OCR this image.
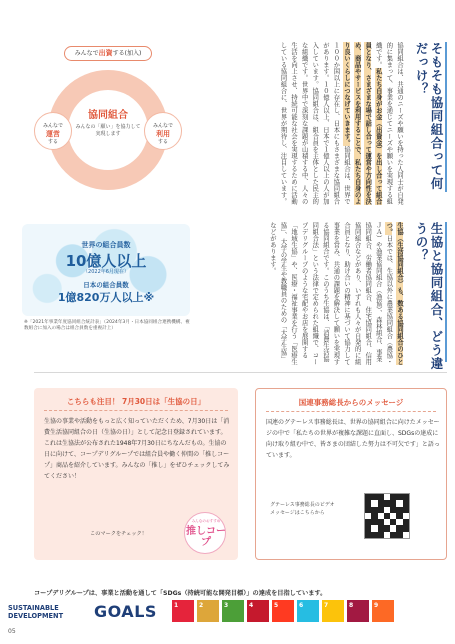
そもそも協同組合って何だっけ？
協同組合は、共通のニーズや願いを持った人同士が自発的に集まって、事業を通じてニーズや願いを実現する組織です。私たち自身がお金（出資金）を出し合って組合員となり、さまざまな場で話し合って運営や方向性を決め、商品やサービスを利用することで、私たち自身のより良いくらしにつなげていきます。協同組合は、世界で１００か国以上に存在し、日本にもさまざまな協同組合があります。１０億人以上、日本で１億人以上の人が加入しています。協同組合は、組合員を主体とした民主的な組織です。世界中で深刻な課題が山積する中、人々の生活を向上させ、持続可能な社会を実現するために活動している協同組合に、世界が期待し、注目しています。
みんなで出資する(加入)
協同組合
みんなの「願い」を協力して実現します
みんなで
運営
する
みんなで
利用
する
生協と協同組合、どう違うの？
生協（生活協同組合）も、数ある協同組合のひとつ。日本では、生協以外に農業協同組合（農協・ＪＡ）や漁業協同組合（漁協）、森林組合、事業協同組合、労働者協同組合、住宅協同組合、信用協同組合などがあり、いずれも人々が自発的に組合員となり、助け合いの精神に基づいて協力して事業を営み、共通の課題を解決して願いを実現する協同組合です。このうち生協は、「消費生活協同組合法」という法律で定められた組織で、コープデリグループのような宅配やお店を展開する「地域生協」や、医療・福祉事業を行う「医療生協」、大学の学生や教職員のための「大学生協」などがあります。
世界の組合員数
10億人以上
（2022年6月現在）
日本の組合員数
1億820万人以上※
※「2021年事業年度協同組合統計表」（2024年3月・日本協同組合連携機構、複数組合に加入の場合は組合員数を重複計上）
こちらも注目！ 7月30日は「生協の日」
生協の事業や活動をもっと広く知っていただくため、7月30日は「消費生活協同組合の日（生協の日）」として記念日登録されています。これは生協法が公布された1948年7月30日にちなんだもの。生協の日に向けて、コープデリグループでは組合員や働く仲間の「推しコープ」商品を紹介しています。みんなの「推し」をぜひチェックしてみてください！
このマークをチェック！
みんなのおすすめ
推しコープ
国連事務総長からのメッセージ
国連のグテーレス事務総長は、世界の協同組合に向けたメッセージの中で「私たちの世界が複雑な課題に直面し、SDGsの達成に向け取り組む中で、皆さまの団結した努力は不可欠です」と語っています。
グテーレス事務総長のビデオメッセージはこちらから
コープデリグループは、事業と活動を通して「SDGs（持続可能な開発目標）」の達成を目指しています。
SUSTAINABLE
DEVELOPMENT GOALS	1	2	3	4	5	6	7	8	9
05
